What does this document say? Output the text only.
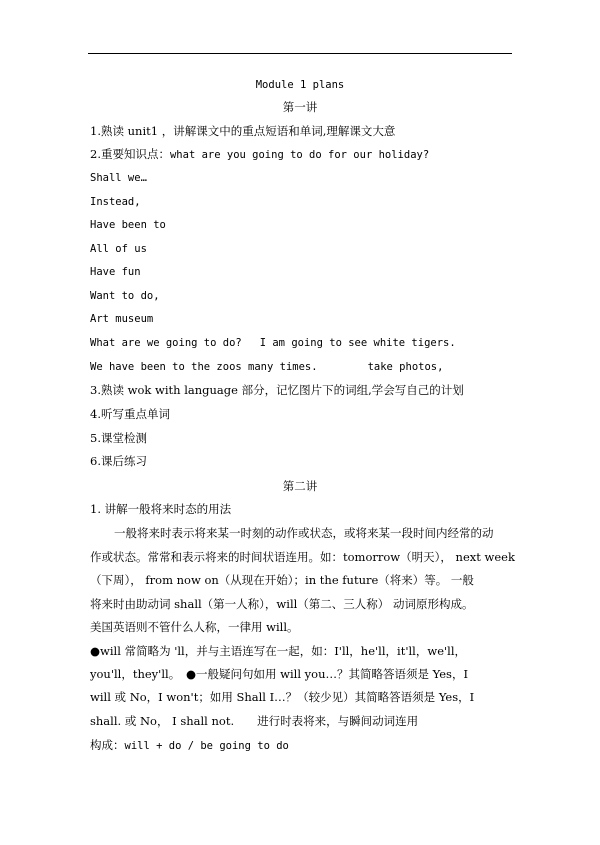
Module 1 plans
第一讲
1.熟读 unit1 ，讲解课文中的重点短语和单词,理解课文大意
2.重要知识点：what are you going to do for our holiday?
Shall we…
Instead,
Have been to
All of us
Have fun
Want to do,
Art museum
What are we going to do? I am going to see white tigers.
We have been to the zoos many times.	take photos,
3.熟读 wok with language 部分，记忆图片下的词组,学会写自己的计划
4.听写重点单词
5.课堂检测
6.课后练习
第二讲
1. 讲解一般将来时态的用法
一般将来时表示将来某一时刻的动作或状态，或将来某一段时间内经常的动
作或状态。常常和表示将来的时间状语连用。如：tomorrow（明天）， next week
（下周）， from now on（从现在开始）；in the future（将来）等。 一般
将来时由助动词 shall（第一人称），will（第二、三人称） 动词原形构成。
美国英语则不管什么人称，一律用 will。
●will 常简略为 'll，并与主语连写在一起，如：I'll，he'll，it'll，we'll，
you'll，they'll。　●一般疑问句如用 will you…？其简略答语须是 Yes，I
will 或 No，I won't；如用 Shall I…？（较少见）其简略答语须是 Yes，I
shall. 或 No， I shall not.　　进行时表将来，与瞬间动词连用
构成：will + do / be going to do
